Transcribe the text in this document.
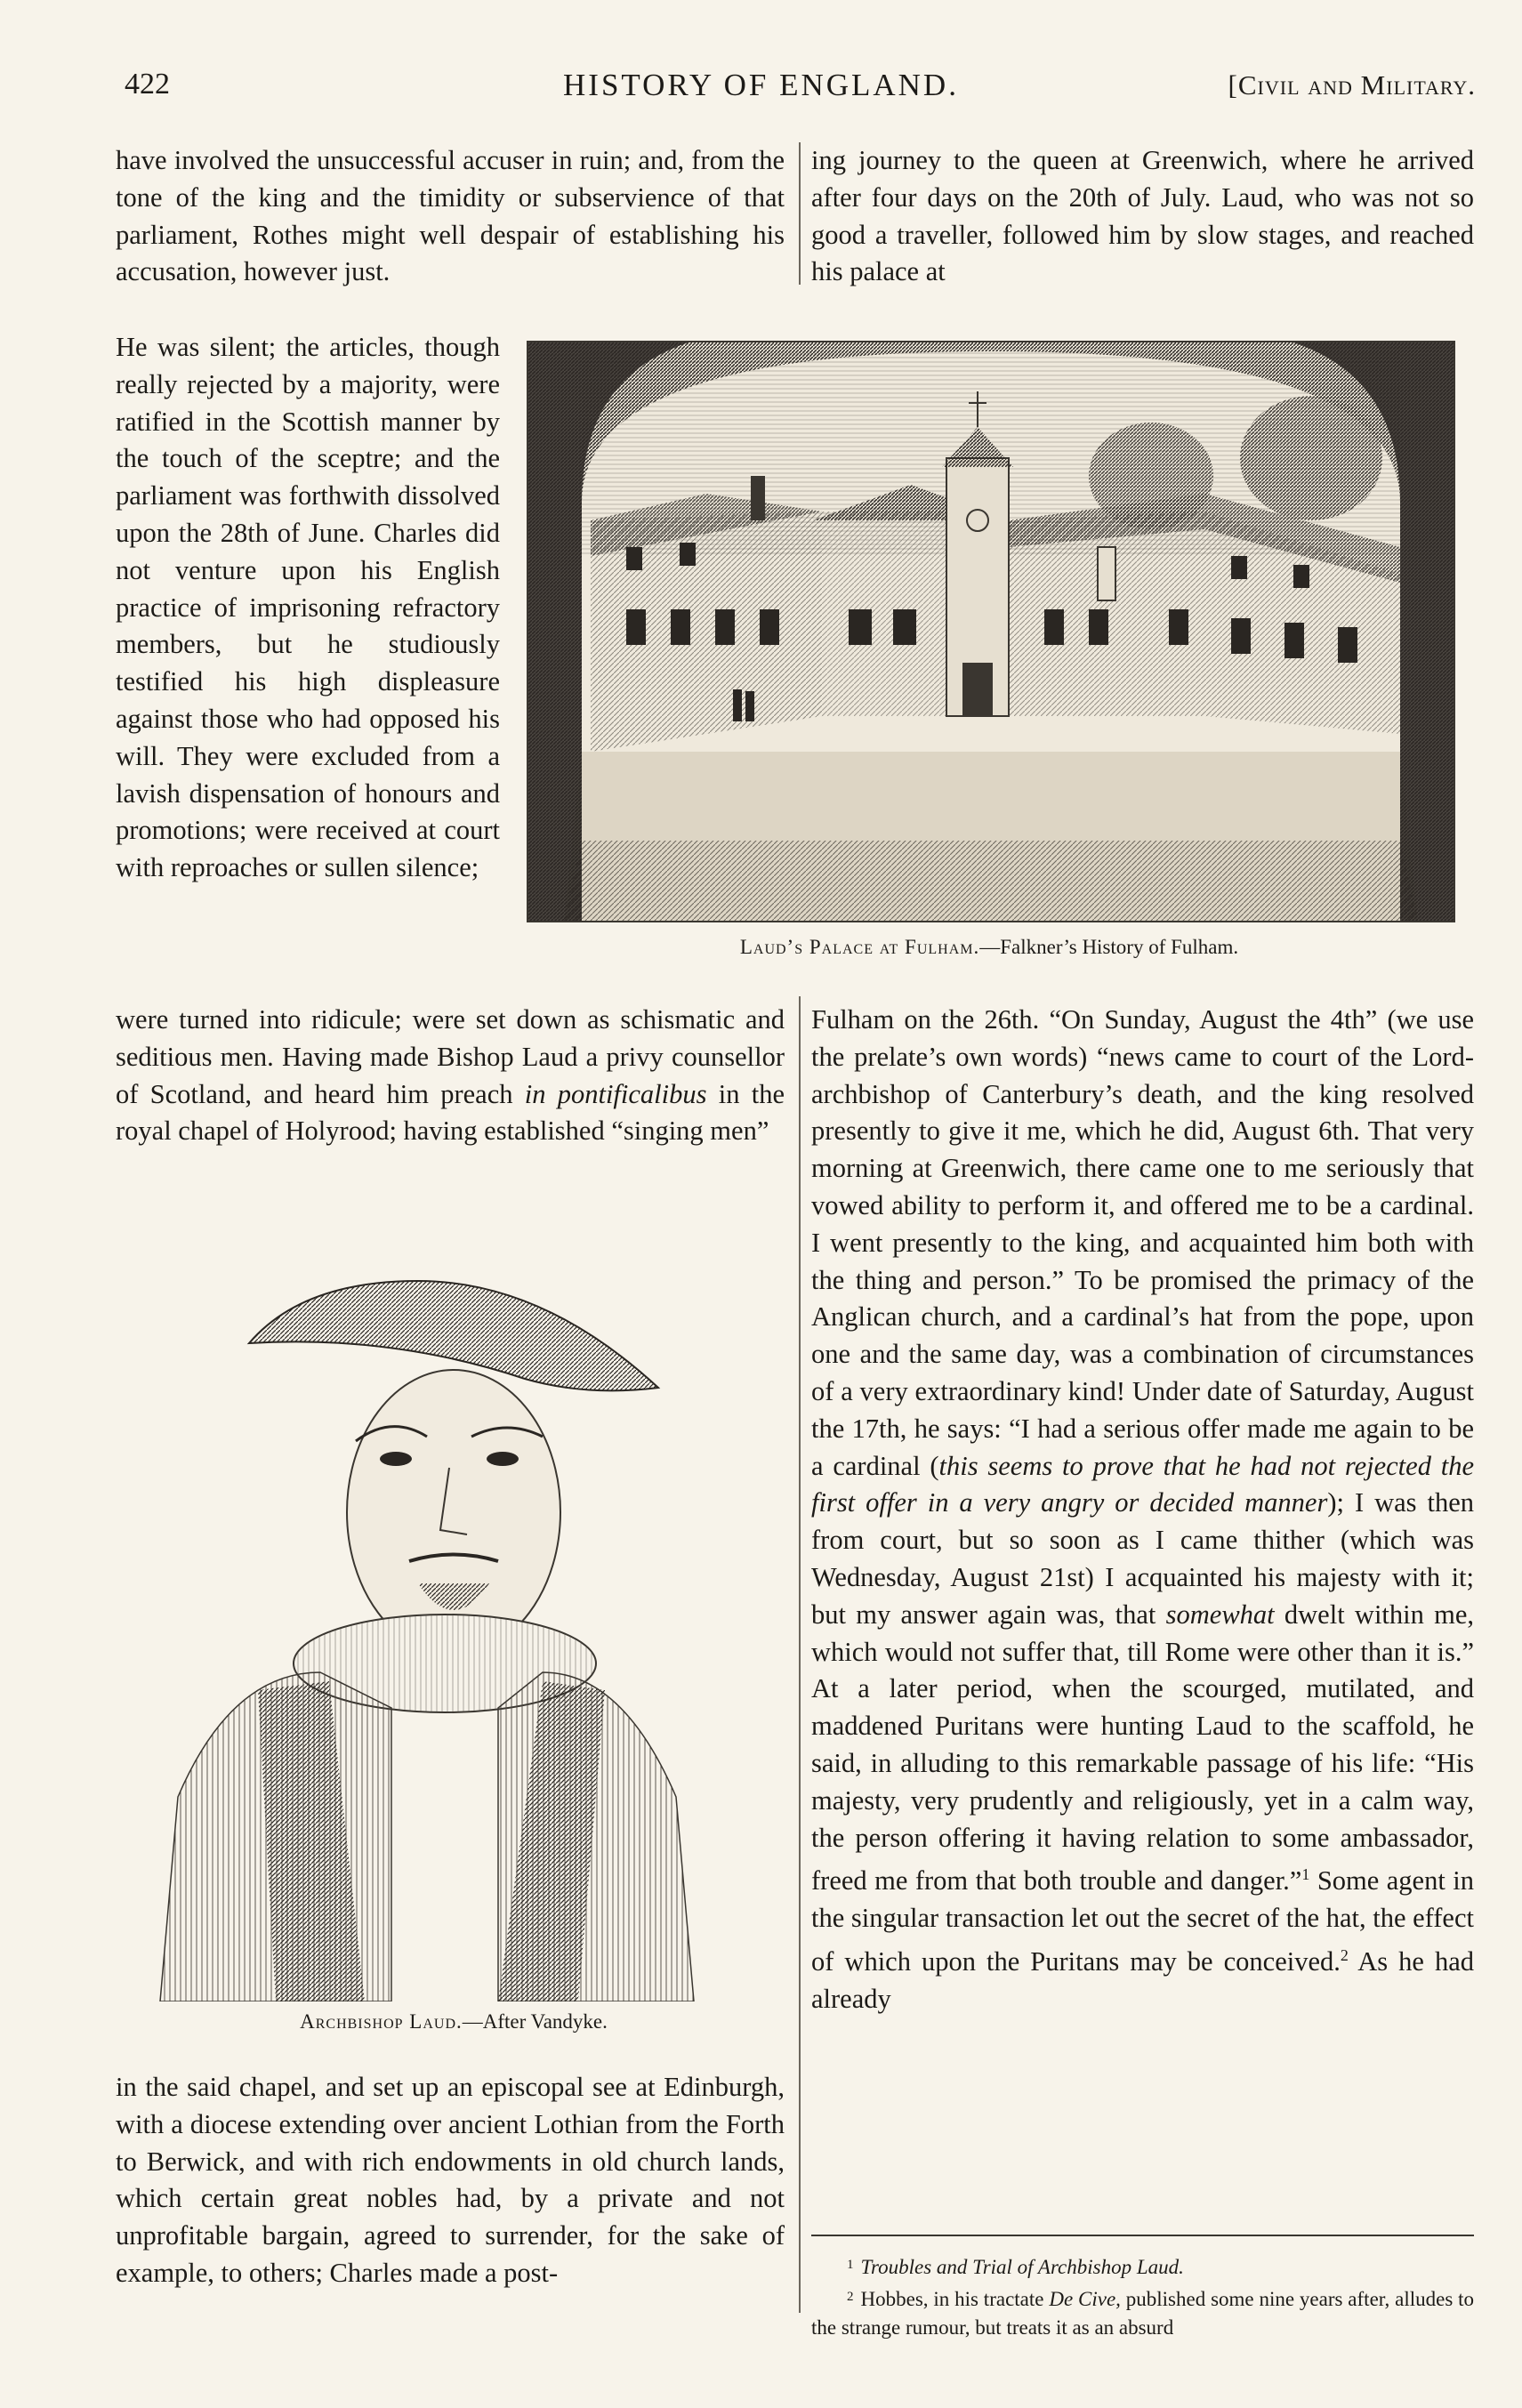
422	HISTORY OF ENGLAND.	[Civil and Military.

have involved the unsuccessful accuser in ruin; and, from the tone of the king and the timidity or subservience of that parliament, Rothes might well despair of establishing his accusation, however just.

He was silent; the articles, though really rejected by a majority, were ratified in the Scottish manner by the touch of the sceptre; and the parliament was forthwith dissolved upon the 28th of June. Charles did not venture upon his English practice of imprisoning refractory members, but he studiously testified his high displeasure against those who had opposed his will. They were excluded from a lavish dispensation of honours and promotions; were received at court with reproaches or sullen silence;

were turned into ridicule; were set down as schismatic and seditious men. Having made Bishop Laud a privy counsellor of Scotland, and heard him preach in pontificalibus in the royal chapel of Holyrood; having established “singing men”

ing journey to the queen at Greenwich, where he arrived after four days on the 20th of July. Laud, who was not so good a traveller, followed him by slow stages, and reached his palace at

Laud’s Palace at Fulham.—Falkner’s History of Fulham.
Archbishop Laud.—After Vandyke.

in the said chapel, and set up an episcopal see at Edinburgh, with a diocese extending over ancient Lothian from the Forth to Berwick, and with rich endowments in old church lands, which certain great nobles had, by a private and not unprofitable bargain, agreed to surrender, for the sake of example, to others; Charles made a post-

Fulham on the 26th. “On Sunday, August the 4th” (we use the prelate’s own words) “news came to court of the Lord-archbishop of Canterbury’s death, and the king resolved presently to give it me, which he did, August 6th. That very morning at Greenwich, there came one to me seriously that vowed ability to perform it, and offered me to be a cardinal. I went presently to the king, and acquainted him both with the thing and person.” To be promised the primacy of the Anglican church, and a cardinal’s hat from the pope, upon one and the same day, was a combination of circumstances of a very extraordinary kind! Under date of Saturday, August the 17th, he says: “I had a serious offer made me again to be a cardinal (this seems to prove that he had not rejected the first offer in a very angry or decided manner); I was then from court, but so soon as I came thither (which was Wednesday, August 21st) I acquainted his majesty with it; but my answer again was, that somewhat dwelt within me, which would not suffer that, till Rome were other than it is.” At a later period, when the scourged, mutilated, and maddened Puritans were hunting Laud to the scaffold, he said, in alluding to this remarkable passage of his life: “His majesty, very prudently and religiously, yet in a calm way, the person offering it having relation to some ambassador, freed me from that both trouble and danger.”$^1$ Some agent in the singular transaction let out the secret of the hat, the effect of which upon the Puritans may be conceived.$^2$ As he had already

$^1$ Troubles and Trial of Archbishop Laud.
$^2$ Hobbes, in his tractate De Cive, published some nine years after, alludes to the strange rumour, but treats it as an absurd
